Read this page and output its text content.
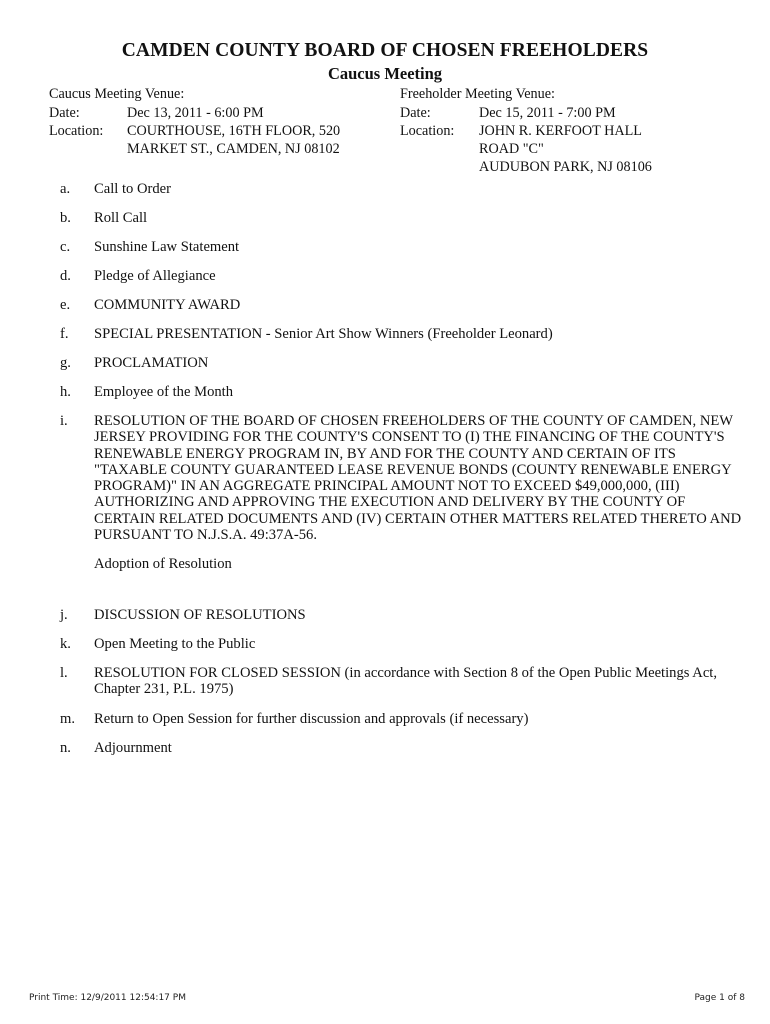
CAMDEN COUNTY BOARD OF CHOSEN FREEHOLDERS
Caucus Meeting
Caucus Meeting Venue:
Date:	Dec 13, 2011 - 6:00 PM
Location:	COURTHOUSE, 16TH FLOOR, 520
MARKET ST., CAMDEN, NJ 08102
Freeholder Meeting Venue:
Date:	Dec 15, 2011 - 7:00 PM
Location:	JOHN R. KERFOOT HALL
ROAD "C"
AUDUBON PARK, NJ 08106
a. Call to Order
b. Roll Call
c. Sunshine Law Statement
d. Pledge of Allegiance
e. COMMUNITY AWARD
f. SPECIAL PRESENTATION - Senior Art Show Winners (Freeholder Leonard)
g. PROCLAMATION
h. Employee of the Month
i. RESOLUTION OF THE BOARD OF CHOSEN FREEHOLDERS OF THE COUNTY OF CAMDEN, NEW JERSEY PROVIDING FOR THE COUNTY'S CONSENT TO (I) THE FINANCING OF THE COUNTY'S RENEWABLE ENERGY PROGRAM IN, BY AND FOR THE COUNTY AND CERTAIN OF ITS "TAXABLE COUNTY GUARANTEED LEASE REVENUE BONDS (COUNTY RENEWABLE ENERGY PROGRAM)" IN AN AGGREGATE PRINCIPAL AMOUNT NOT TO EXCEED $49,000,000, (III) AUTHORIZING AND APPROVING THE EXECUTION AND DELIVERY BY THE COUNTY OF CERTAIN RELATED DOCUMENTS AND (IV) CERTAIN OTHER MATTERS RELATED THERETO AND PURSUANT TO N.J.S.A. 49:37A-56.
Adoption of Resolution
j. DISCUSSION OF RESOLUTIONS
k. Open Meeting to the Public
l. RESOLUTION FOR CLOSED SESSION (in accordance with Section 8 of the Open Public Meetings Act, Chapter 231, P.L. 1975)
m. Return to Open Session for further discussion and approvals (if necessary)
n. Adjournment
Print Time: 12/9/2011 12:54:17 PM	Page 1 of 8
